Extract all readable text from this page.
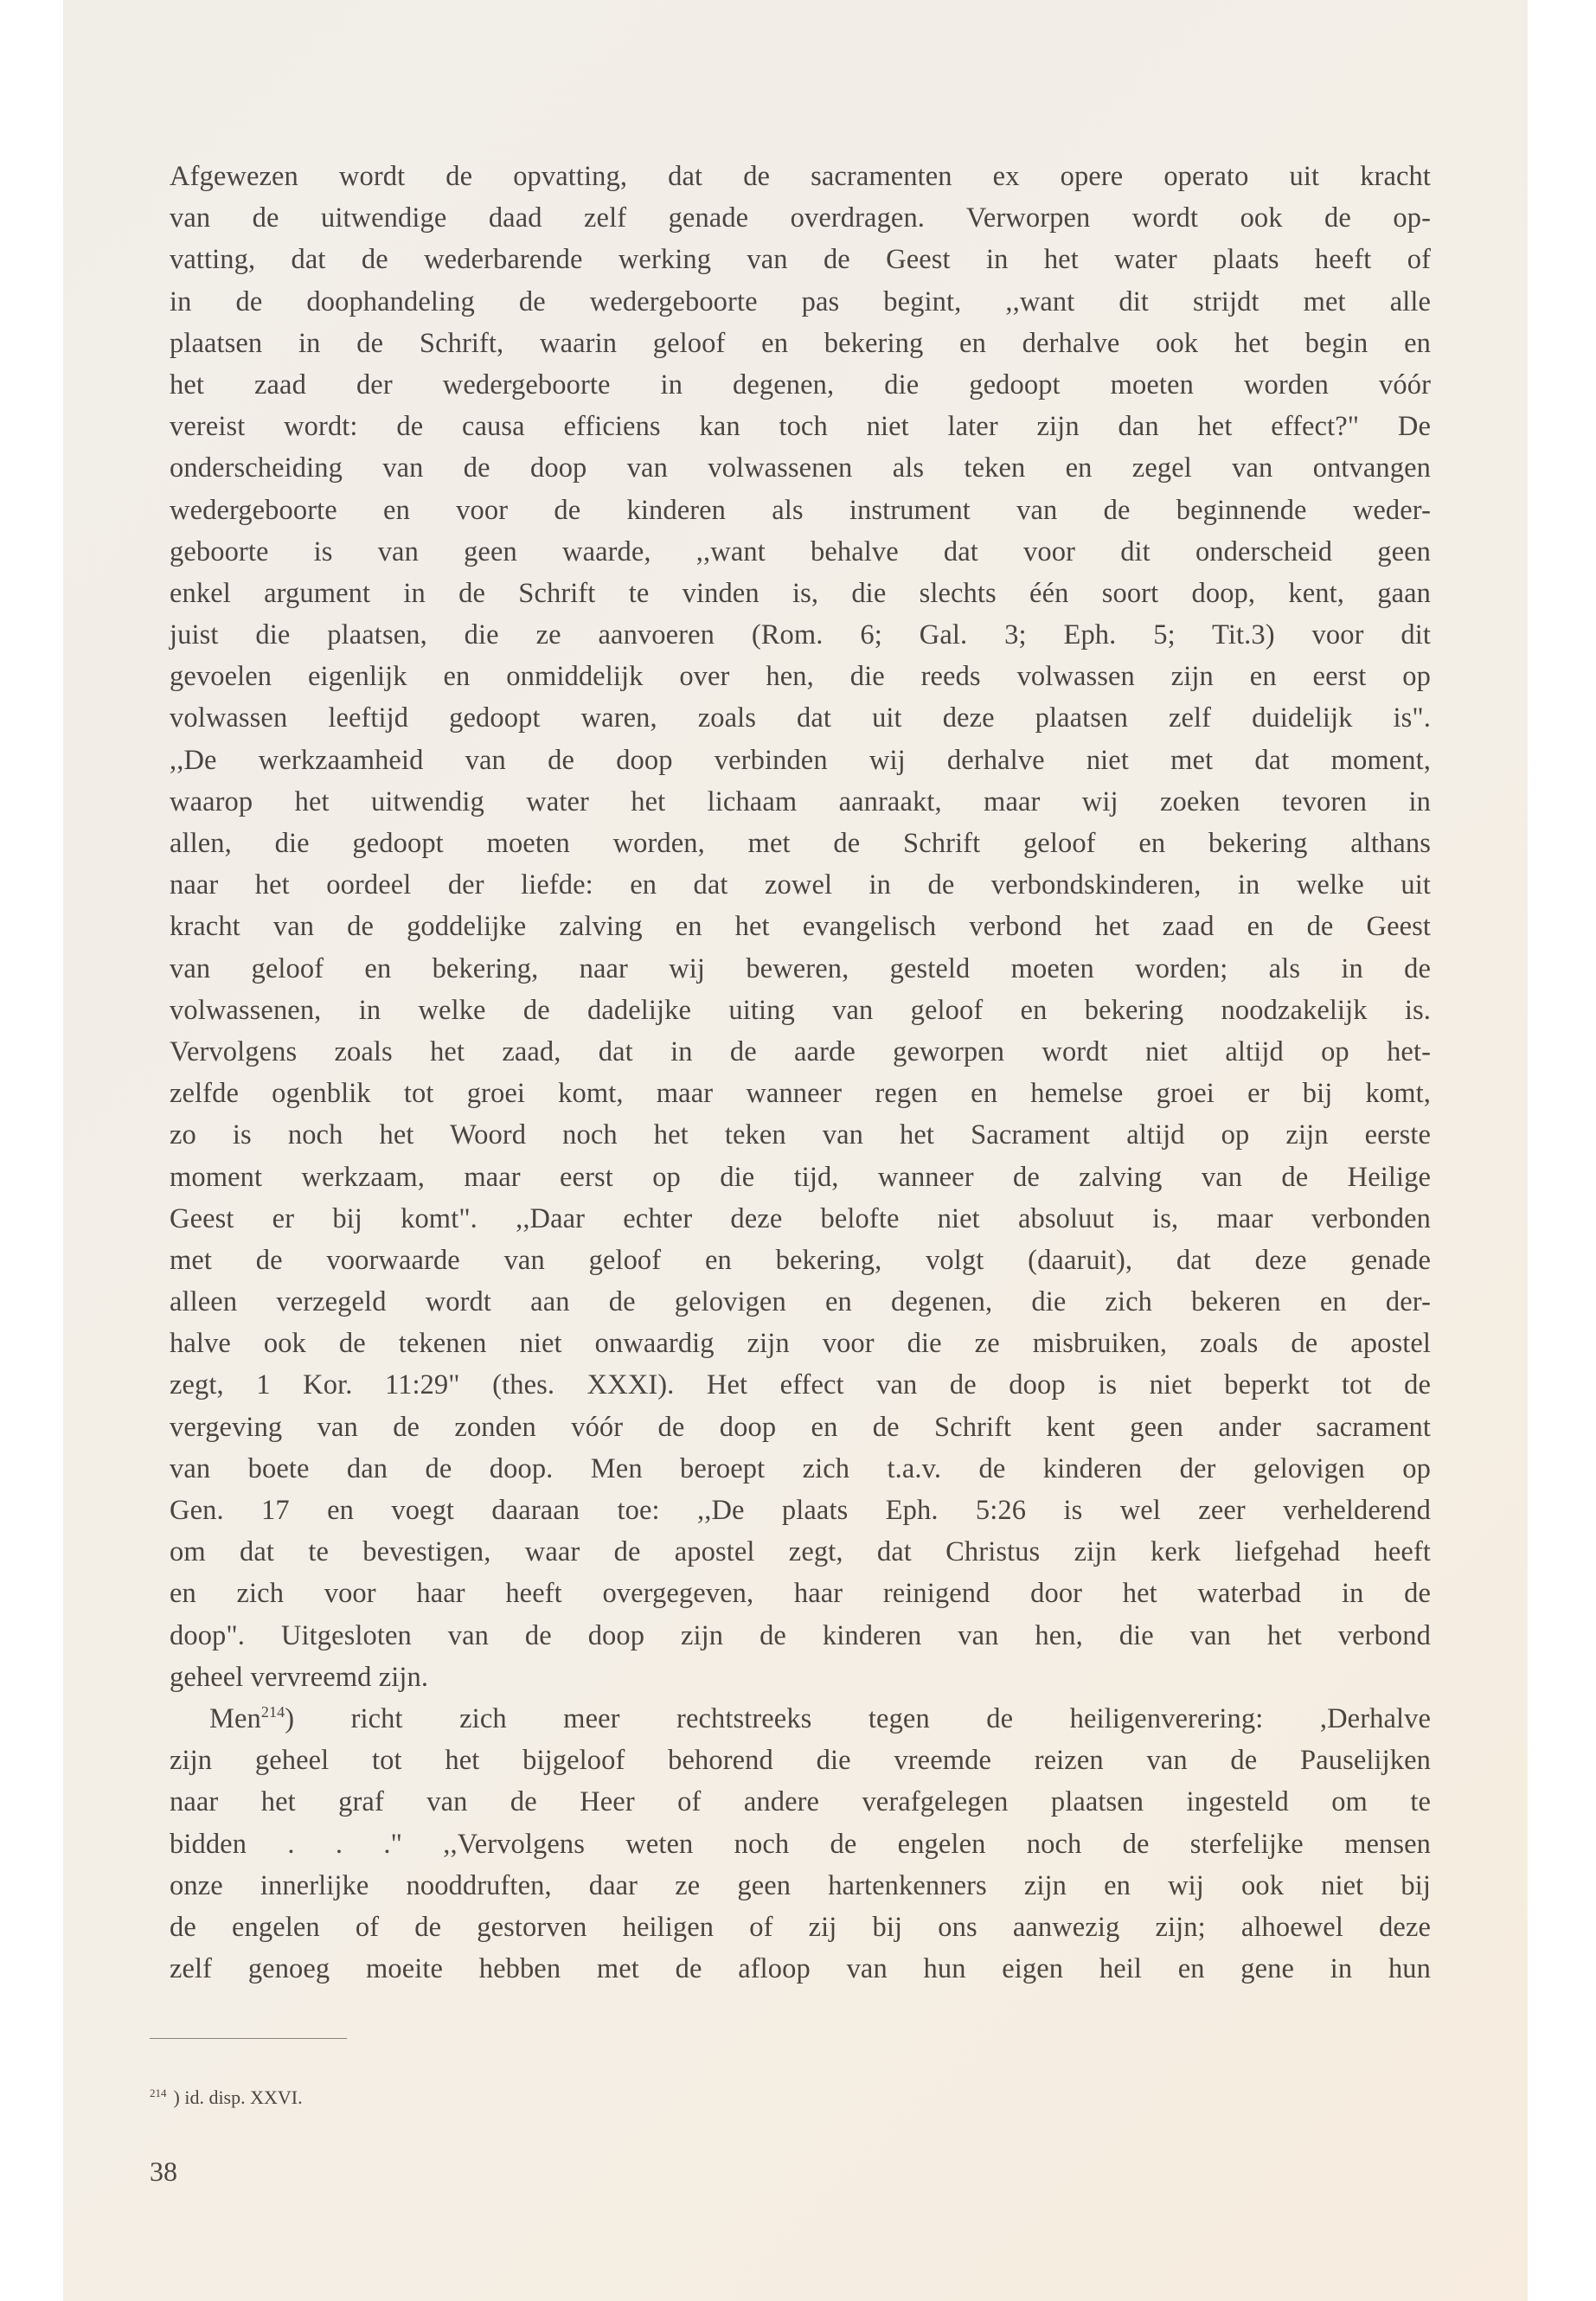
Afgewezen wordt de opvatting, dat de sacramenten ex opere operato uit kracht
van de uitwendige daad zelf genade overdragen. Verworpen wordt ook de op-
vatting, dat de wederbarende werking van de Geest in het water plaats heeft of
in de doophandeling de wedergeboorte pas begint, ,,want dit strijdt met alle
plaatsen in de Schrift, waarin geloof en bekering en derhalve ook het begin en
het zaad der wedergeboorte in degenen, die gedoopt moeten worden vóór
vereist wordt: de causa efficiens kan toch niet later zijn dan het effect?" De
onderscheiding van de doop van volwassenen als teken en zegel van ontvangen
wedergeboorte en voor de kinderen als instrument van de beginnende weder-
geboorte is van geen waarde, ,,want behalve dat voor dit onderscheid geen
enkel argument in de Schrift te vinden is, die slechts één soort doop, kent, gaan
juist die plaatsen, die ze aanvoeren (Rom. 6; Gal. 3; Eph. 5; Tit.3) voor dit
gevoelen eigenlijk en onmiddelijk over hen, die reeds volwassen zijn en eerst op
volwassen leeftijd gedoopt waren, zoals dat uit deze plaatsen zelf duidelijk is".
,,De werkzaamheid van de doop verbinden wij derhalve niet met dat moment,
waarop het uitwendig water het lichaam aanraakt, maar wij zoeken tevoren in
allen, die gedoopt moeten worden, met de Schrift geloof en bekering althans
naar het oordeel der liefde: en dat zowel in de verbondskinderen, in welke uit
kracht van de goddelijke zalving en het evangelisch verbond het zaad en de Geest
van geloof en bekering, naar wij beweren, gesteld moeten worden; als in de
volwassenen, in welke de dadelijke uiting van geloof en bekering noodzakelijk is.
Vervolgens zoals het zaad, dat in de aarde geworpen wordt niet altijd op het-
zelfde ogenblik tot groei komt, maar wanneer regen en hemelse groei er bij komt,
zo is noch het Woord noch het teken van het Sacrament altijd op zijn eerste
moment werkzaam, maar eerst op die tijd, wanneer de zalving van de Heilige
Geest er bij komt". ,,Daar echter deze belofte niet absoluut is, maar verbonden
met de voorwaarde van geloof en bekering, volgt (daaruit), dat deze genade
alleen verzegeld wordt aan de gelovigen en degenen, die zich bekeren en der-
halve ook de tekenen niet onwaardig zijn voor die ze misbruiken, zoals de apostel
zegt, 1 Kor. 11:29" (thes. XXXI). Het effect van de doop is niet beperkt tot de
vergeving van de zonden vóór de doop en de Schrift kent geen ander sacrament
van boete dan de doop. Men beroept zich t.a.v. de kinderen der gelovigen op
Gen. 17 en voegt daaraan toe: ,,De plaats Eph. 5:26 is wel zeer verhelderend
om dat te bevestigen, waar de apostel zegt, dat Christus zijn kerk liefgehad heeft
en zich voor haar heeft overgegeven, haar reinigend door het waterbad in de
doop". Uitgesloten van de doop zijn de kinderen van hen, die van het verbond
geheel vervreemd zijn.
Men$^{214}$) richt zich meer rechtstreeks tegen de heiligenverering: ,Derhalve
zijn geheel tot het bijgeloof behorend die vreemde reizen van de Pauselijken
naar het graf van de Heer of andere verafgelegen plaatsen ingesteld om te
bidden . . ." ,,Vervolgens weten noch de engelen noch de sterfelijke mensen
onze innerlijke nooddruften, daar ze geen hartenkenners zijn en wij ook niet bij
de engelen of de gestorven heiligen of zij bij ons aanwezig zijn; alhoewel deze
zelf genoeg moeite hebben met de afloop van hun eigen heil en gene in hun
$^{214}$ ) id. disp. XXVI.
38
